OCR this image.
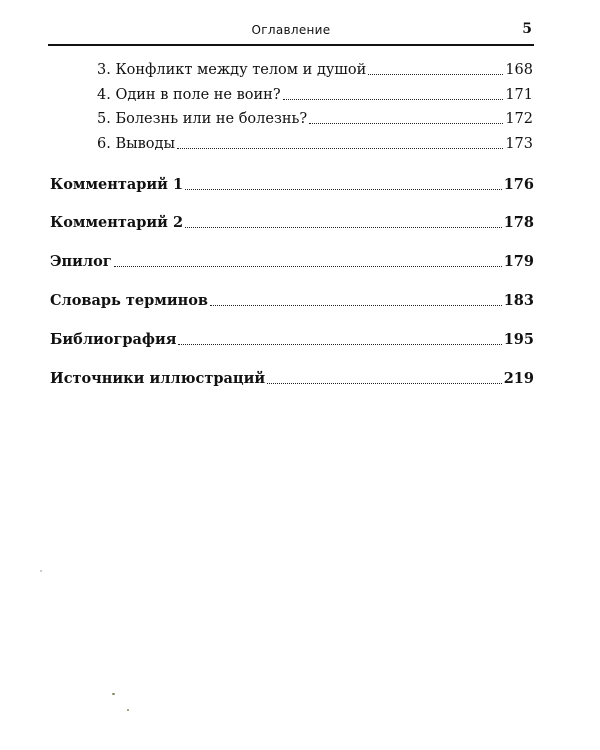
Оглавление	5
3. Конфликт между телом и душой	168
4. Один в поле не воин?	171
5. Болезнь или не болезнь?	172
6. Выводы	173
Комментарий 1	176
Комментарий 2	178
Эпилог	179
Словарь терминов	183
Библиография	195
Источники иллюстраций	219
